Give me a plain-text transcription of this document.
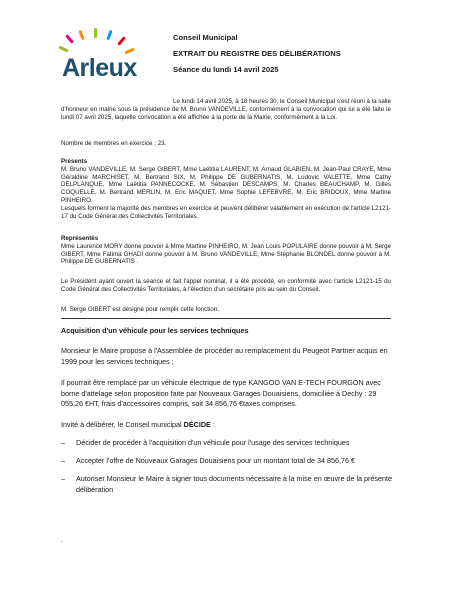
Arleux
Conseil Municipal
EXTRAIT DU REGISTRE DES DÉLIBÉRATIONS
Séance du lundi 14 avril 2025

Le lundi 14 avril 2025, à 18 heures 30, le Conseil Municipal s'est réuni à la salle d'honneur en mairie sous la présidence de M. Bruno VANDEVILLE, conformément à la convocation qui lui a été faite le lundi 07 avril 2025, laquelle convocation a été affichée à la porte de la Mairie, conformément à la Loi.

Nombre de membres en exercice : 23.

Présents

M. Bruno VANDEVILLE, M. Serge GIBERT, Mme Laëtitia LAURENT, M. Arnaud GLABIEN, M. Jean-Paul CRAYE, Mme Géraldine MARCHISET, M. Bertrand SIX, M. Philippe DE GUBERNATIS, M. Ludovic VALETTE, Mme Cathy DELPLANQUE, Mme Laëtitia PANNECOCKE, M. Sébastien DESCAMPS, M. Charles BEAUCHAMP, M. Gilles COQUELLE, M. Bertrand MERLIN, M. Eric MAQUET, Mme Sophie LEFEBVRE, M. Eric BRIDOUX, Mme Martine PINHEIRO.

Lesquels forment la majorité des membres en exercice et peuvent délibérer valablement en exécution de l'article L2121-17 du Code Général des Collectivités Territoriales.

Représentés

Mme Laurence MORY donne pouvoir à Mme Martine PINHEIRO, M. Jean Louis POPULAIRE donne pouvoir à M. Serge GIBERT, Mme Fatima GHADI donne pouvoir à M. Bruno VANDEVILLE, Mme Stéphanie BLONDEL donne pouvoir à M. Philippe DE GUBERNATIS .

Le Président ayant ouvert la séance et fait l'appel nominal, il a été procédé, en conformité avec l'article L2121-15 du Code Général des Collectivités Territoriales, à l'élection d'un secrétaire pris au sein du Conseil.

M. Serge GIBERT est désigné pour remplir cette fonction.

Acquisition d'un véhicule pour les services techniques
Monsieur le Maire propose à l'Assemblée de procéder au remplacement du Peugeot Partner acquis en 1999 pour les services techniques ;
Il pourrait être remplacé par un véhicule électrique de type KANGOO VAN E-TECH FOURGON avec borne d'attelage selon proposition faite par Nouveaux Garages Douaisiens, domiciliée à Dechy : 29 055,26 €HT, frais d'accessoires compris, soit 34 856,76 €taxes comprises.
Invité à délibérer, le Conseil municipal DÉCIDE :
– Décider de procéder à l'acquisition d'un véhicule pour l'usage des services techniques
– Accepter l'offre de Nouveaux Garages Douaisiens pour un montant total de 34 856,76 €
– Autoriser Monsieur le Maire à signer tous documents nécessaire à la mise en œuvre de la présente délibération
.
